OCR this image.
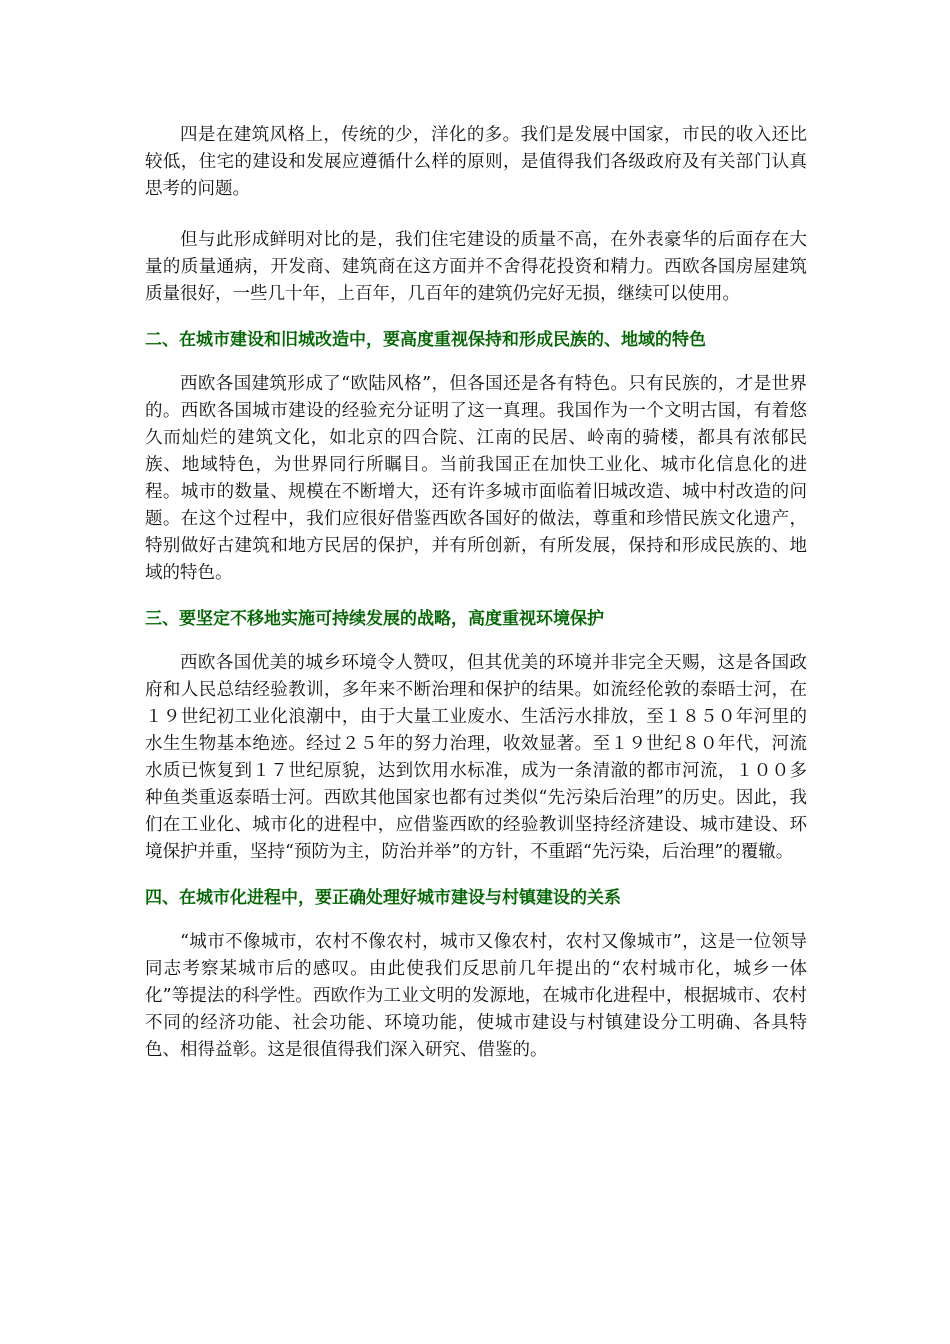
四是在建筑风格上，传统的少，洋化的多。我们是发展中国家，市民的收入还比较低，住宅的建设和发展应遵循什么样的原则，是值得我们各级政府及有关部门认真思考的问题。

但与此形成鲜明对比的是，我们住宅建设的质量不高，在外表豪华的后面存在大量的质量通病，开发商、建筑商在这方面并不舍得花投资和精力。西欧各国房屋建筑质量很好，一些几十年，上百年，几百年的建筑仍完好无损，继续可以使用。

二、在城市建设和旧城改造中，要高度重视保持和形成民族的、地域的特色

西欧各国建筑形成了“欧陆风格”，但各国还是各有特色。只有民族的，才是世界的。西欧各国城市建设的经验充分证明了这一真理。我国作为一个文明古国，有着悠久而灿烂的建筑文化，如北京的四合院、江南的民居、岭南的骑楼，都具有浓郁民族、地域特色，为世界同行所瞩目。当前我国正在加快工业化、城市化信息化的进程。城市的数量、规模在不断增大，还有许多城市面临着旧城改造、城中村改造的问题。在这个过程中，我们应很好借鉴西欧各国好的做法，尊重和珍惜民族文化遗产，特别做好古建筑和地方民居的保护，并有所创新，有所发展，保持和形成民族的、地域的特色。

三、要坚定不移地实施可持续发展的战略，高度重视环境保护

西欧各国优美的城乡环境令人赞叹，但其优美的环境并非完全天赐，这是各国政府和人民总结经验教训，多年来不断治理和保护的结果。如流经伦敦的泰晤士河，在１９世纪初工业化浪潮中，由于大量工业废水、生活污水排放，至１８５０年河里的水生生物基本绝迹。经过２５年的努力治理，收效显著。至１９世纪８０年代，河流水质已恢复到１７世纪原貌，达到饮用水标准，成为一条清澈的都市河流，１００多种鱼类重返泰晤士河。西欧其他国家也都有过类似“先污染后治理”的历史。因此，我们在工业化、城市化的进程中，应借鉴西欧的经验教训坚持经济建设、城市建设、环境保护并重，坚持“预防为主，防治并举”的方针，不重蹈“先污染，后治理”的覆辙。

四、在城市化进程中，要正确处理好城市建设与村镇建设的关系

“城市不像城市，农村不像农村，城市又像农村，农村又像城市”，这是一位领导同志考察某城市后的感叹。由此使我们反思前几年提出的“农村城市化，城乡一体化”等提法的科学性。西欧作为工业文明的发源地，在城市化进程中，根据城市、农村不同的经济功能、社会功能、环境功能，使城市建设与村镇建设分工明确、各具特色、相得益彰。这是很值得我们深入研究、借鉴的。
